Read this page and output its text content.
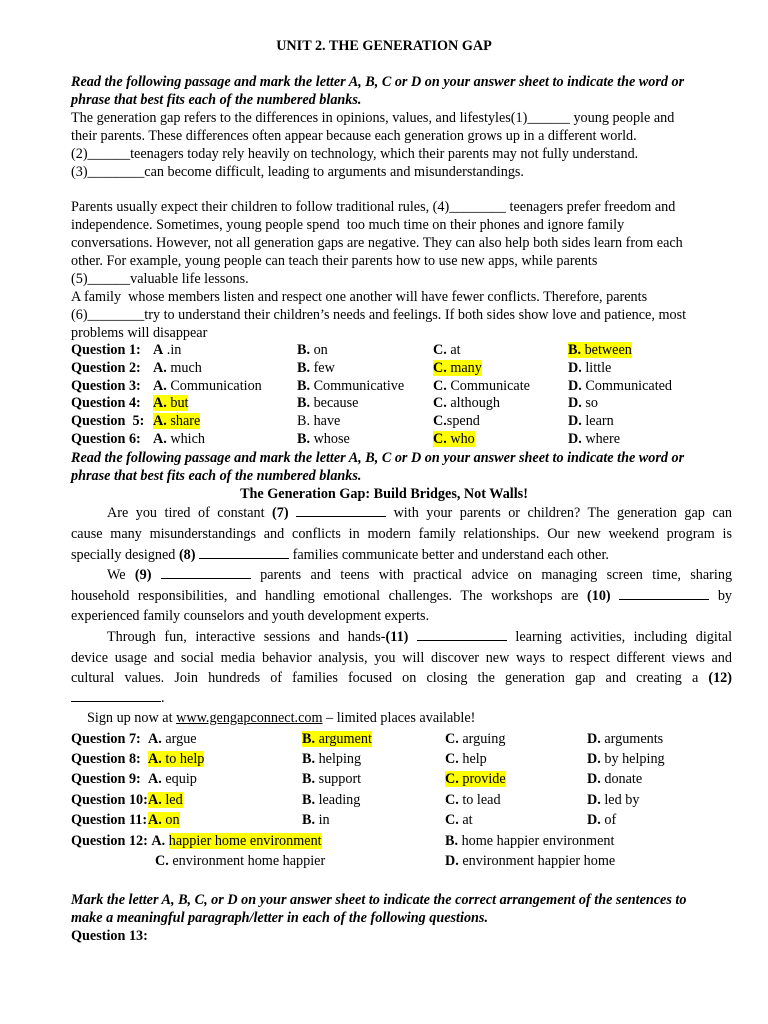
UNIT 2. THE GENERATION GAP
Read the following passage and mark the letter A, B, C or D on your answer sheet to indicate the word or
phrase that best fits each of the numbered blanks.
The generation gap refers to the differences in opinions, values, and lifestyles(1)______ young people and
their parents. These differences often appear because each generation grows up in a different world.
(2)______teenagers today rely heavily on technology, which their parents may not fully understand.
(3)________can become difficult, leading to arguments and misunderstandings.
Parents usually expect their children to follow traditional rules, (4)________ teenagers prefer freedom and
independence. Sometimes, young people spend  too much time on their phones and ignore family
conversations. However, not all generation gaps are negative. They can also help both sides learn from each
other. For example, young people can teach their parents how to use new apps, while parents
(5)______valuable life lessons.
A family  whose members listen and respect one another will have fewer conflicts. Therefore, parents
(6)________try to understand their children’s needs and feelings. If both sides show love and patience, most
problems will disappear
Question 1: A .in	B. on	C. at	B. between
Question 2: A. much	B. few	C. many	D. little
Question 3: A. Communication B. Communicative C. Communicate	D. Communicated
Question 4: A. but	B. because	C. although	D. so
Question  5: A. share	B. have	C.spend	D. learn
Question 6: A. which	B. whose	C. who	D. where
Read the following passage and mark the letter A, B, C or D on your answer sheet to indicate the word or
phrase that best fits each of the numbered blanks.
The Generation Gap: Build Bridges, Not Walls!
Are you tired of constant (7)	with your parents or children? The generation gap can
cause many misunderstandings and conflicts in modern family relationships. Our new weekend program is
specially designed (8)	families communicate better and understand each other.
We (9)	parents and teens with practical advice on managing screen time, sharing
household responsibilities, and handling emotional challenges. The workshops are (10)	by
experienced family counselors and youth development experts.
Through fun, interactive sessions and hands-(11)	learning activities, including digital
device usage and social media behavior analysis, you will discover new ways to respect different views and
cultural values. Join hundreds of families focused on closing the generation gap and creating a (12)
.
Sign up now at www.gengapconnect.com – limited places available!
Question 7: A. argue	B. argument	C. arguing	D. arguments
Question 8: A. to help	B. helping	C. help	D. by helping
Question 9: A. equip	B. support	C. provide	D. donate
Question 10: A. led	B. leading	C. to lead	D. led by
Question 11: A. on	B. in	C. at	D. of
Question 12: A. happier home environment	B. home happier environment
C. environment home happier	D. environment happier home
Mark the letter A, B, C, or D on your answer sheet to indicate the correct arrangement of the sentences to
make a meaningful paragraph/letter in each of the following questions.
Question 13:
